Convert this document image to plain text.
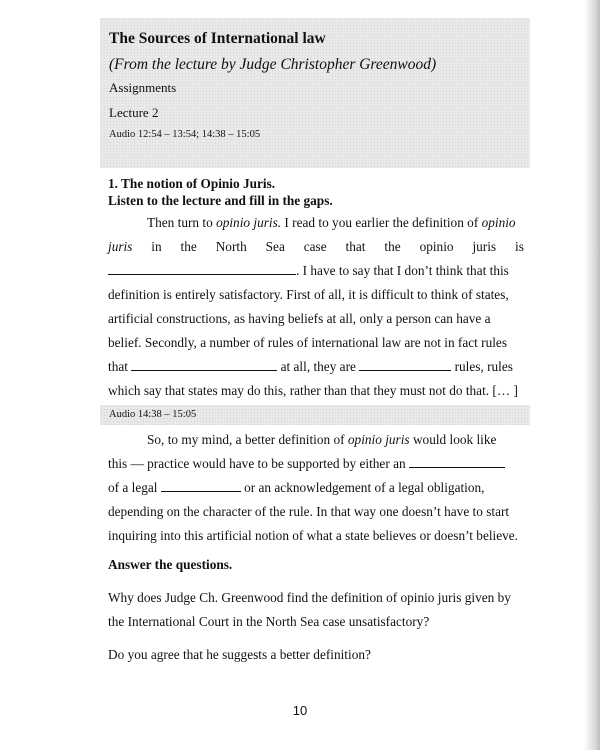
The Sources of International law
(From the lecture by Judge Christopher Greenwood)
Assignments
Lecture 2
Audio 12:54 – 13:54; 14:38 – 15:05
1. The notion of Opinio Juris.
Listen to the lecture and fill in the gaps.
Then turn to opinio juris. I read to you earlier the definition of opinio
juris in the North Sea case that the opinio juris is
. I have to say that I don’t think that this
definition is entirely satisfactory. First of all, it is difficult to think of states,
artificial constructions, as having beliefs at all, only a person can have a
belief. Secondly, a number of rules of international law are not in fact rules
that	at all, they are	rules, rules
which say that states may do this, rather than that they must not do that. [… ]
Audio 14:38 – 15:05
So, to my mind, a better definition of opinio juris would look like
this — practice would have to be supported by either an
of a legal	or an acknowledgement of a legal obligation,
depending on the character of the rule. In that way one doesn’t have to start
inquiring into this artificial notion of what a state believes or doesn’t believe.
Answer the questions.
Why does Judge Ch. Greenwood find the definition of opinio juris given by
the International Court in the North Sea case unsatisfactory?
Do you agree that he suggests a better definition?
10
